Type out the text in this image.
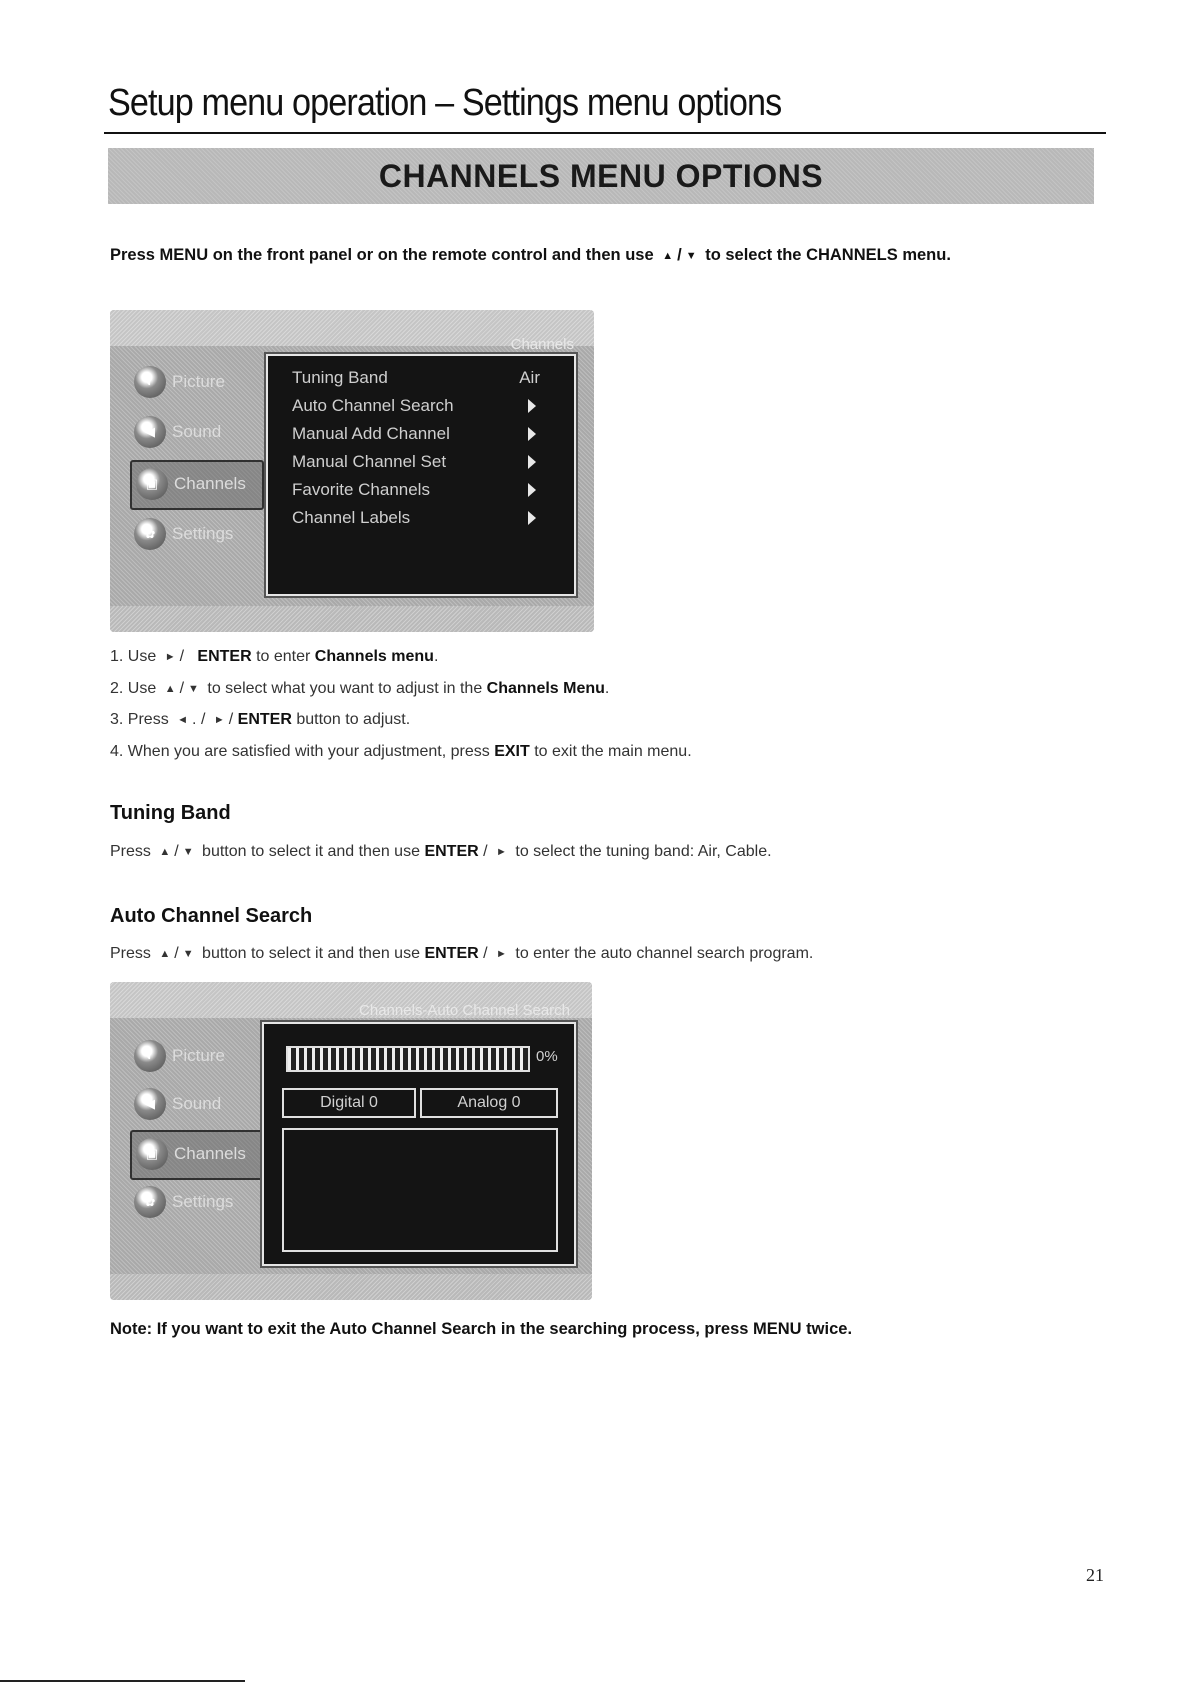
Setup menu operation – Settings menu options
CHANNELS MENU OPTIONS
Press MENU on the front panel or on the remote control and then use ▲ / ▼ to select the CHANNELS menu.
Channels
◐	Picture
◀	Sound
▣ Channels
✿ Settings
Tuning Band	Air
Auto Channel Search
Manual Add Channel
Manual Channel Set
Favorite Channels
Channel Labels
1. Use ► / ENTER to enter Channels menu.
2. Use ▲ / ▼ to select what you want to adjust in the Channels Menu.
3. Press ◄ . / ► / ENTER button to adjust.
4. When you are satisfied with your adjustment, press EXIT to exit the main menu.
Tuning Band
Press ▲ / ▼ button to select it and then use ENTER / ► to select the tuning band: Air, Cable.
Auto Channel Search
Press ▲ / ▼ button to select it and then use ENTER / ► to enter the auto channel search program.
Channels-Auto Channel Search
◐	Picture
◀	Sound
▣ Channels
✿ Settings
0%
Digital 0	Analog 0
Note: If you want to exit the Auto Channel Search in the searching process, press MENU twice.
21
